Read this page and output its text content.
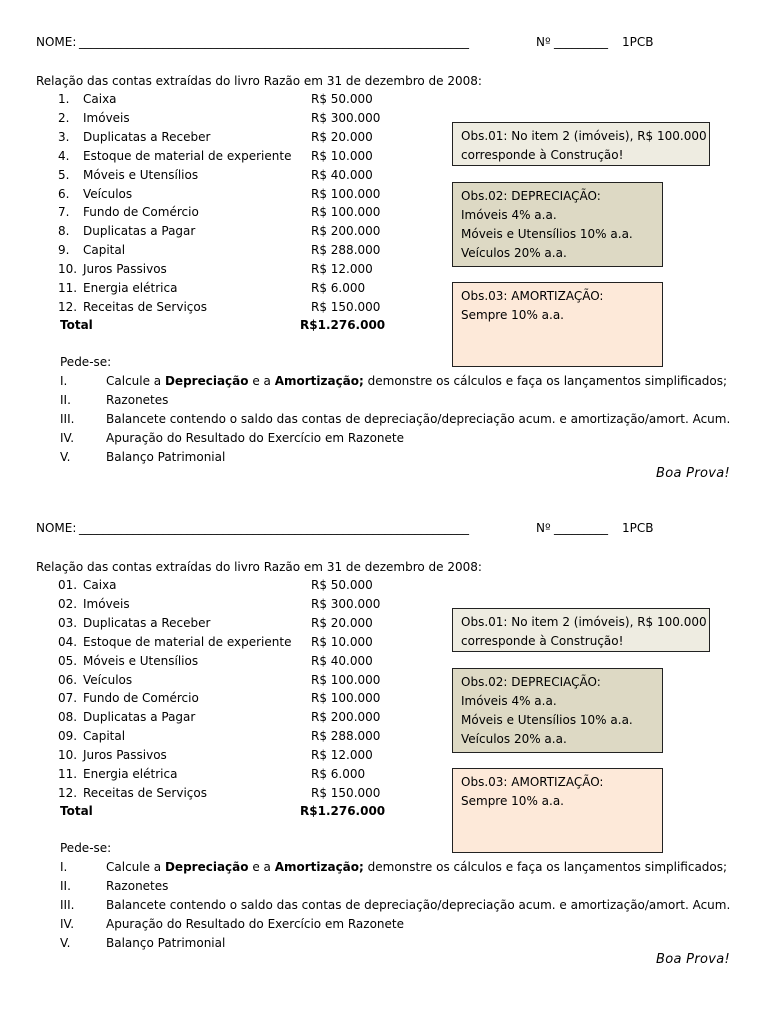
NOME: _________________________________________________________________	Nº _________ 1PCB
Relação das contas extraídas do livro Razão em 31 de dezembro de 2008:
1. Caixa	R$ 50.000
2. Imóveis	R$ 300.000
3. Duplicatas a Receber	R$ 20.000
4. Estoque de material de experiente R$ 10.000
5. Móveis e Utensílios	R$ 40.000
6. Veículos	R$ 100.000
7. Fundo de Comércio	R$ 100.000
8. Duplicatas a Pagar	R$ 200.000
9. Capital	R$ 288.000
10. Juros Passivos	R$ 12.000
11. Energia elétrica	R$ 6.000
12. Receitas de Serviços	R$ 150.000
Total	R$1.276.000
Obs.01: No item 2 (imóveis), R$ 100.000
corresponde à Construção!
Obs.02: DEPRECIAÇÃO:
Imóveis 4% a.a.
Móveis e Utensílios 10% a.a.
Veículos 20% a.a.
Obs.03: AMORTIZAÇÃO:
Sempre 10% a.a.
Pede-se:
I.	Calcule a Depreciação e a Amortização; demonstre os cálculos e faça os lançamentos simplificados;
II.	Razonetes
III.	Balancete contendo o saldo das contas de depreciação/depreciação acum. e amortização/amort. Acum.
IV.	Apuração do Resultado do Exercício em Razonete
V.	Balanço Patrimonial
Boa Prova!
NOME: _________________________________________________________________	Nº _________ 1PCB
Relação das contas extraídas do livro Razão em 31 de dezembro de 2008:
01. Caixa	R$ 50.000
02. Imóveis	R$ 300.000
03. Duplicatas a Receber	R$ 20.000
04. Estoque de material de experiente R$ 10.000
05. Móveis e Utensílios	R$ 40.000
06. Veículos	R$ 100.000
07. Fundo de Comércio	R$ 100.000
08. Duplicatas a Pagar	R$ 200.000
09. Capital	R$ 288.000
10. Juros Passivos	R$ 12.000
11. Energia elétrica	R$ 6.000
12. Receitas de Serviços	R$ 150.000
Total	R$1.276.000
Obs.01: No item 2 (imóveis), R$ 100.000
corresponde à Construção!
Obs.02: DEPRECIAÇÃO:
Imóveis 4% a.a.
Móveis e Utensílios 10% a.a.
Veículos 20% a.a.
Obs.03: AMORTIZAÇÃO:
Sempre 10% a.a.
Pede-se:
I.	Calcule a Depreciação e a Amortização; demonstre os cálculos e faça os lançamentos simplificados;
II.	Razonetes
III.	Balancete contendo o saldo das contas de depreciação/depreciação acum. e amortização/amort. Acum.
IV.	Apuração do Resultado do Exercício em Razonete
V.	Balanço Patrimonial
Boa Prova!
